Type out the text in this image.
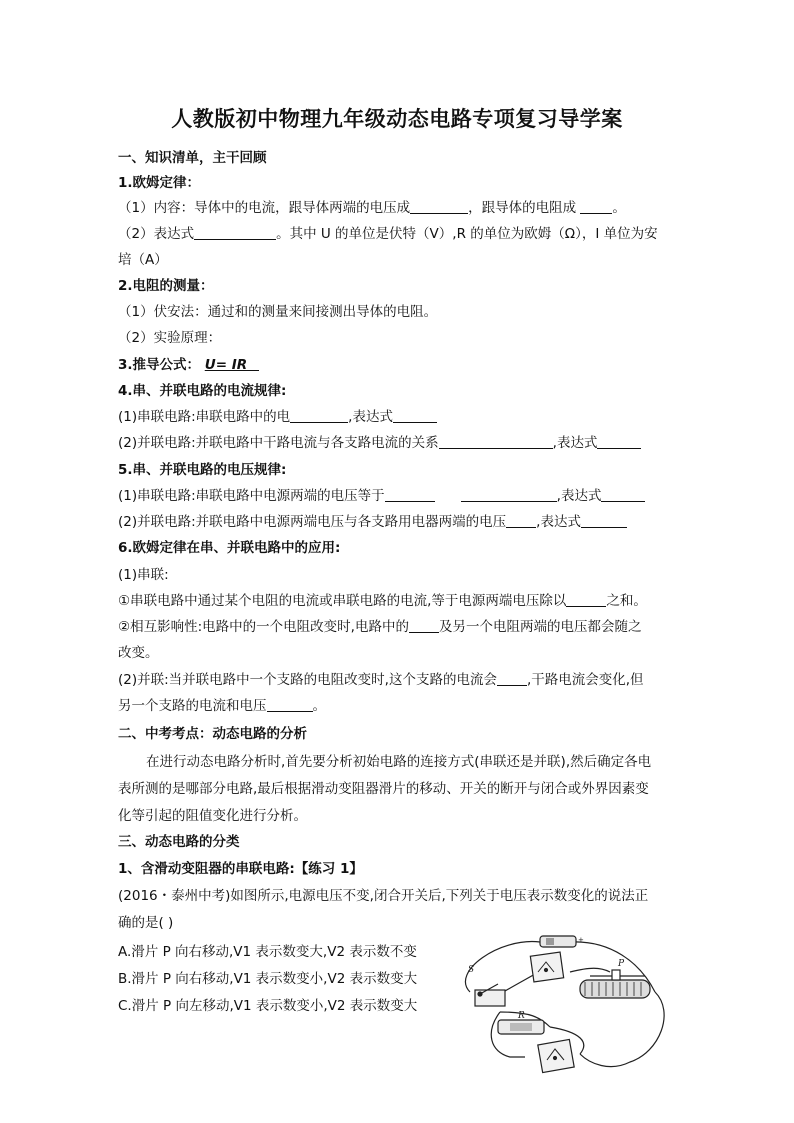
人教版初中物理九年级动态电路专项复习导学案
一、知识清单，主干回顾
1.欧姆定律：
（1）内容：导体中的电流，跟导体两端的电压成	，跟导体的电阻成 。
（2）表达式	。其中 U 的单位是伏特（V）,R 的单位为欧姆（Ω），I 单位为安
培（A）
2.电阻的测量：
（1）伏安法：通过和的测量来间接测出导体的电阻。
（2）实验原理：
3.推导公式： U= IR
4.串、并联电路的电流规律:
(1)串联电路:串联电路中的电	,表达式
(2)并联电路:并联电路中干路电流与各支路电流的关系	,表达式
5.串、并联电路的电压规律:
(1)串联电路:串联电路中电源两端的电压等于	,表达式
(2)并联电路:并联电路中电源两端电压与各支路用电器两端的电压 ,表达式
6.欧姆定律在串、并联电路中的应用:
(1)串联:
①串联电路中通过某个电阻的电流或串联电路的电流,等于电源两端电压除以	之和。
②相互影响性:电路中的一个电阻改变时,电路中的 及另一个电阻两端的电压都会随之
改变。
(2)并联:当并联电路中一个支路的电阻改变时,这个支路的电流会 ,干路电流会变化,但
另一个支路的电流和电压	。
二、中考考点：动态电路的分析
在进行动态电路分析时,首先要分析初始电路的连接方式(串联还是并联),然后确定各电
表所测的是哪部分电路,最后根据滑动变阻器滑片的移动、开关的断开与闭合或外界因素变
化等引起的阻值变化进行分析。
三、动态电路的分类
1、含滑动变阻器的串联电路:【练习 1】
(2016・泰州中考)如图所示,电源电压不变,闭合开关后,下列关于电压表示数变化的说法正
确的是( )
A.滑片 P 向右移动,V1 表示数变大,V2 表示数不变
B.滑片 P 向右移动,V1 表示数变小,V2 表示数变大
C.滑片 P 向左移动,V1 表示数变小,V2 表示数变大
+
S
P
R
